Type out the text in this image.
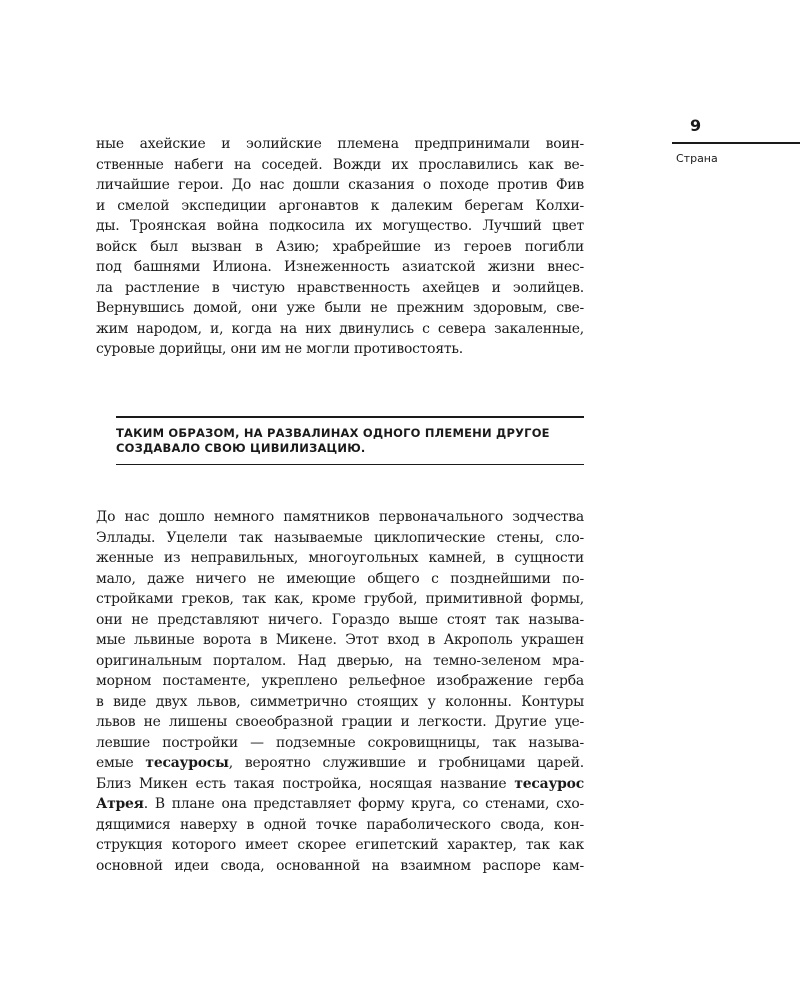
9
Страна
ные ахейские и эолийские племена предпринимали воин-
ственные набеги на соседей. Вожди их прославились как ве-
личайшие герои. До нас дошли сказания о походе против Фив
и смелой экспедиции аргонавтов к далеким берегам Колхи-
ды. Троянская война подкосила их могущество. Лучший цвет
войск был вызван в Азию; храбрейшие из героев погибли
под башнями Илиона. Изнеженность азиатской жизни внес-
ла растление в чистую нравственность ахейцев и эолийцев.
Вернувшись домой, они уже были не прежним здоровым, све-
жим народом, и, когда на них двинулись с севера закаленные,
суровые дорийцы, они им не могли противостоять.
ТАКИМ ОБРАЗОМ, НА РАЗВАЛИНАХ ОДНОГО ПЛЕМЕНИ ДРУГОЕ
СОЗДАВАЛО СВОЮ ЦИВИЛИЗАЦИЮ.
До нас дошло немного памятников первоначального зодчества
Эллады. Уцелели так называемые циклопические стены, сло-
женные из неправильных, многоугольных камней, в сущности
мало, даже ничего не имеющие общего с позднейшими по-
стройками греков, так как, кроме грубой, примитивной формы,
они не представляют ничего. Гораздо выше стоят так называ-
мые львиные ворота в Микене. Этот вход в Акрополь украшен
оригинальным порталом. Над дверью, на темно-зеленом мра-
морном постаменте, укреплено рельефное изображение герба
в виде двух львов, симметрично стоящих у колонны. Контуры
львов не лишены своеобразной грации и легкости. Другие уце-
левшие постройки — подземные сокровищницы, так называ-
емые тесауросы, вероятно служившие и гробницами царей.
Близ Микен есть такая постройка, носящая название тесаурос
Атрея. В плане она представляет форму круга, со стенами, схо-
дящимися наверху в одной точке параболического свода, кон-
струкция которого имеет скорее египетский характер, так как
основной идеи свода, основанной на взаимном распоре кам-
